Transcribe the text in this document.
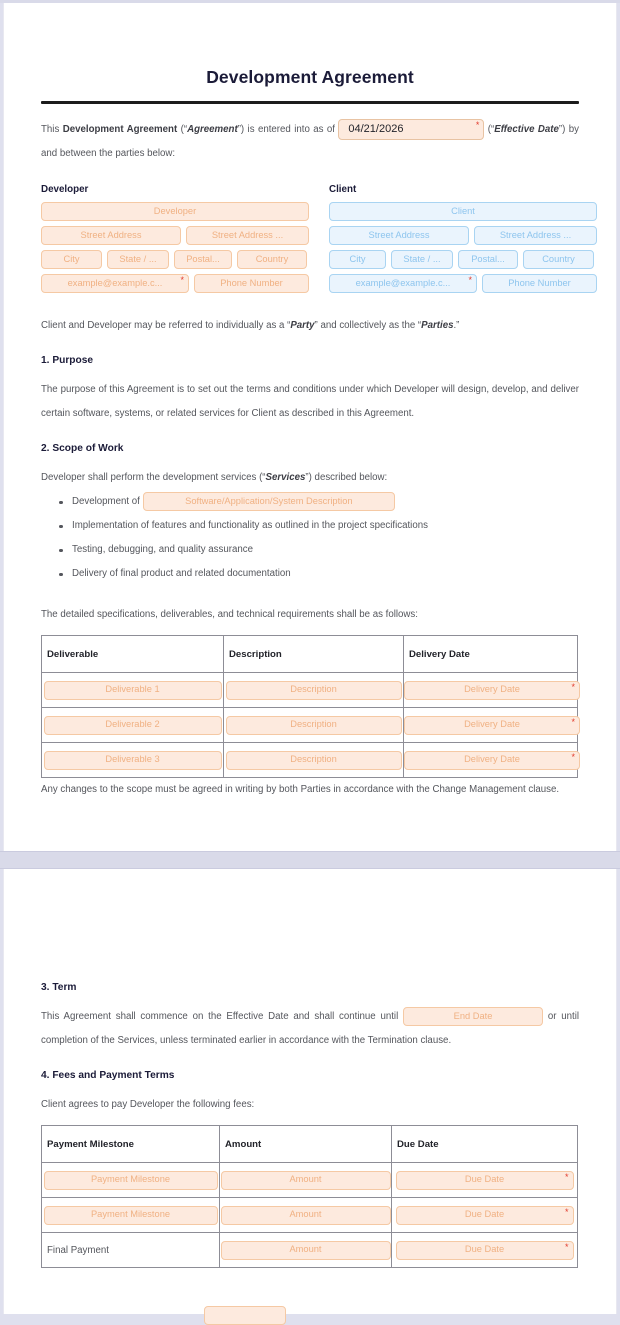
Development Agreement

This Development Agreement (“Agreement”) is entered into as of 04/21/2026	* (“Effective Date”) by and between the parties below:

Developer
Developer
Street Address	Street Address ...
City	State / ...	Postal...	Country
example@example.c... *	Phone Number
Client
Client
Street Address	Street Address ...
City	State / ...	Postal...	Country
example@example.c... *	Phone Number

Client and Developer may be referred to individually as a “Party” and collectively as the “Parties.”

1. Purpose

The purpose of this Agreement is to set out the terms and conditions under which Developer will design, develop, and deliver certain software, systems, or related services for Client as described in this Agreement.

2. Scope of Work

Developer shall perform the development services (“Services”) described below:

Development of	Software/Application/System Description
Implementation of features and functionality as outlined in the project specifications
Testing, debugging, and quality assurance
Delivery of final product and related documentation

The detailed specifications, deliverables, and technical requirements shall be as follows:

Deliverable	Description	Delivery Date
Deliverable 1	Description	Delivery Date *

Deliverable 2	Description	Delivery Date *

Deliverable 3	Description	Delivery Date *

Any changes to the scope must be agreed in writing by both Parties in accordance with the Change Management clause.

3. Term

This Agreement shall commence on the Effective Date and shall continue until	End Date	or until completion of the Services, unless terminated earlier in accordance with the Termination clause.

4. Fees and Payment Terms

Client agrees to pay Developer the following fees:

Payment Milestone	Amount	Due Date
Payment Milestone	Amount	Due Date *

Payment Milestone	Amount	Due Date *

Final Payment	Amount	Due Date *
